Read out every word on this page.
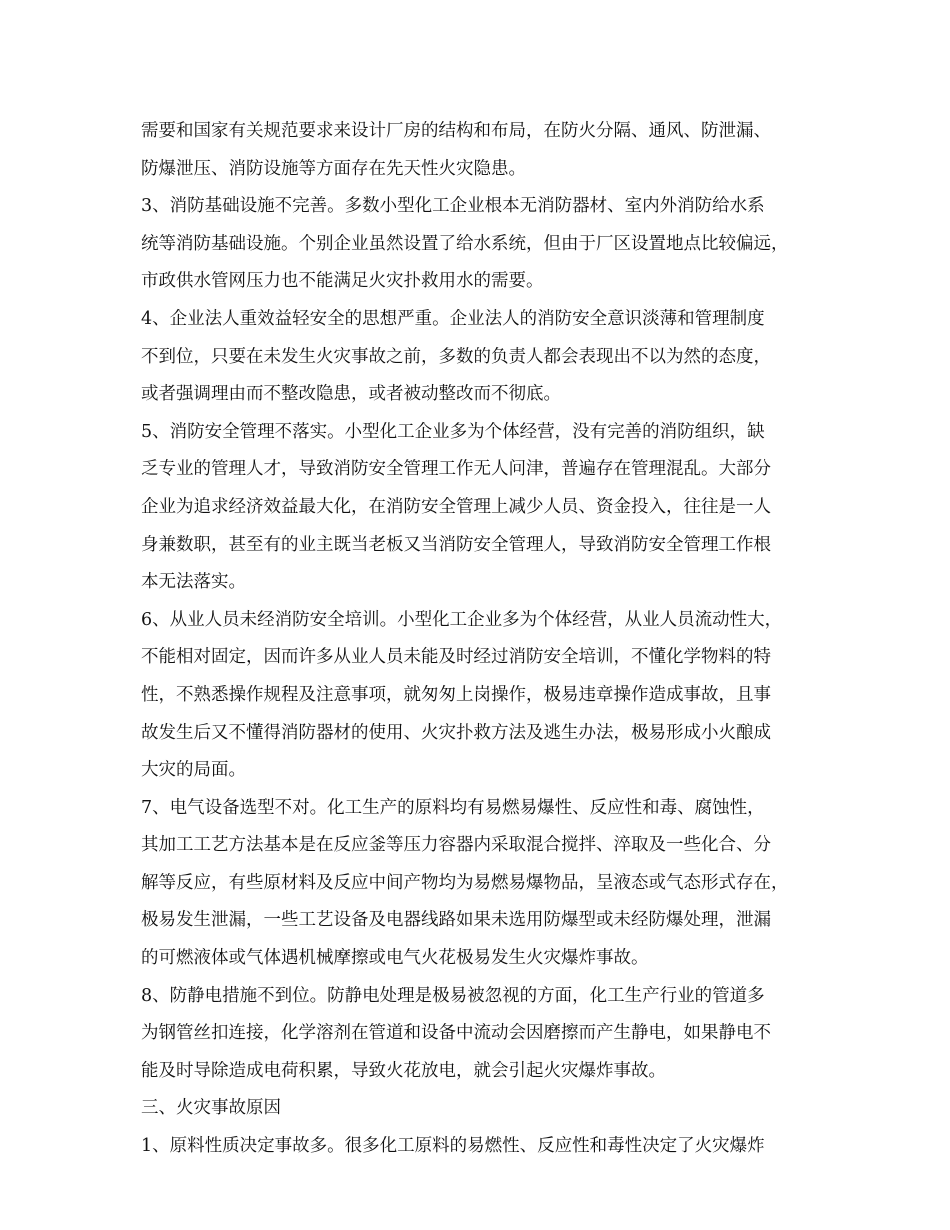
需要和国家有关规范要求来设计厂房的结构和布局，在防火分隔、通风、防泄漏、
防爆泄压、消防设施等方面存在先天性火灾隐患。
3、消防基础设施不完善。多数小型化工企业根本无消防器材、室内外消防给水系
统等消防基础设施。个别企业虽然设置了给水系统，但由于厂区设置地点比较偏远，
市政供水管网压力也不能满足火灾扑救用水的需要。
4、企业法人重效益轻安全的思想严重。企业法人的消防安全意识淡薄和管理制度
不到位，只要在未发生火灾事故之前，多数的负责人都会表现出不以为然的态度，
或者强调理由而不整改隐患，或者被动整改而不彻底。
5、消防安全管理不落实。小型化工企业多为个体经营，没有完善的消防组织，缺
乏专业的管理人才，导致消防安全管理工作无人问津，普遍存在管理混乱。大部分
企业为追求经济效益最大化，在消防安全管理上减少人员、资金投入，往往是一人
身兼数职，甚至有的业主既当老板又当消防安全管理人，导致消防安全管理工作根
本无法落实。
6、从业人员未经消防安全培训。小型化工企业多为个体经营，从业人员流动性大，
不能相对固定，因而许多从业人员未能及时经过消防安全培训，不懂化学物料的特
性，不熟悉操作规程及注意事项，就匆匆上岗操作，极易违章操作造成事故，且事
故发生后又不懂得消防器材的使用、火灾扑救方法及逃生办法，极易形成小火酿成
大灾的局面。
7、电气设备选型不对。化工生产的原料均有易燃易爆性、反应性和毒、腐蚀性，
其加工工艺方法基本是在反应釜等压力容器内采取混合搅拌、淬取及一些化合、分
解等反应，有些原材料及反应中间产物均为易燃易爆物品，呈液态或气态形式存在，
极易发生泄漏，一些工艺设备及电器线路如果未选用防爆型或未经防爆处理，泄漏
的可燃液体或气体遇机械摩擦或电气火花极易发生火灾爆炸事故。
8、防静电措施不到位。防静电处理是极易被忽视的方面，化工生产行业的管道多
为钢管丝扣连接，化学溶剂在管道和设备中流动会因磨擦而产生静电，如果静电不
能及时导除造成电荷积累，导致火花放电，就会引起火灾爆炸事故。
三、火灾事故原因
1、原料性质决定事故多。很多化工原料的易燃性、反应性和毒性决定了火灾爆炸
